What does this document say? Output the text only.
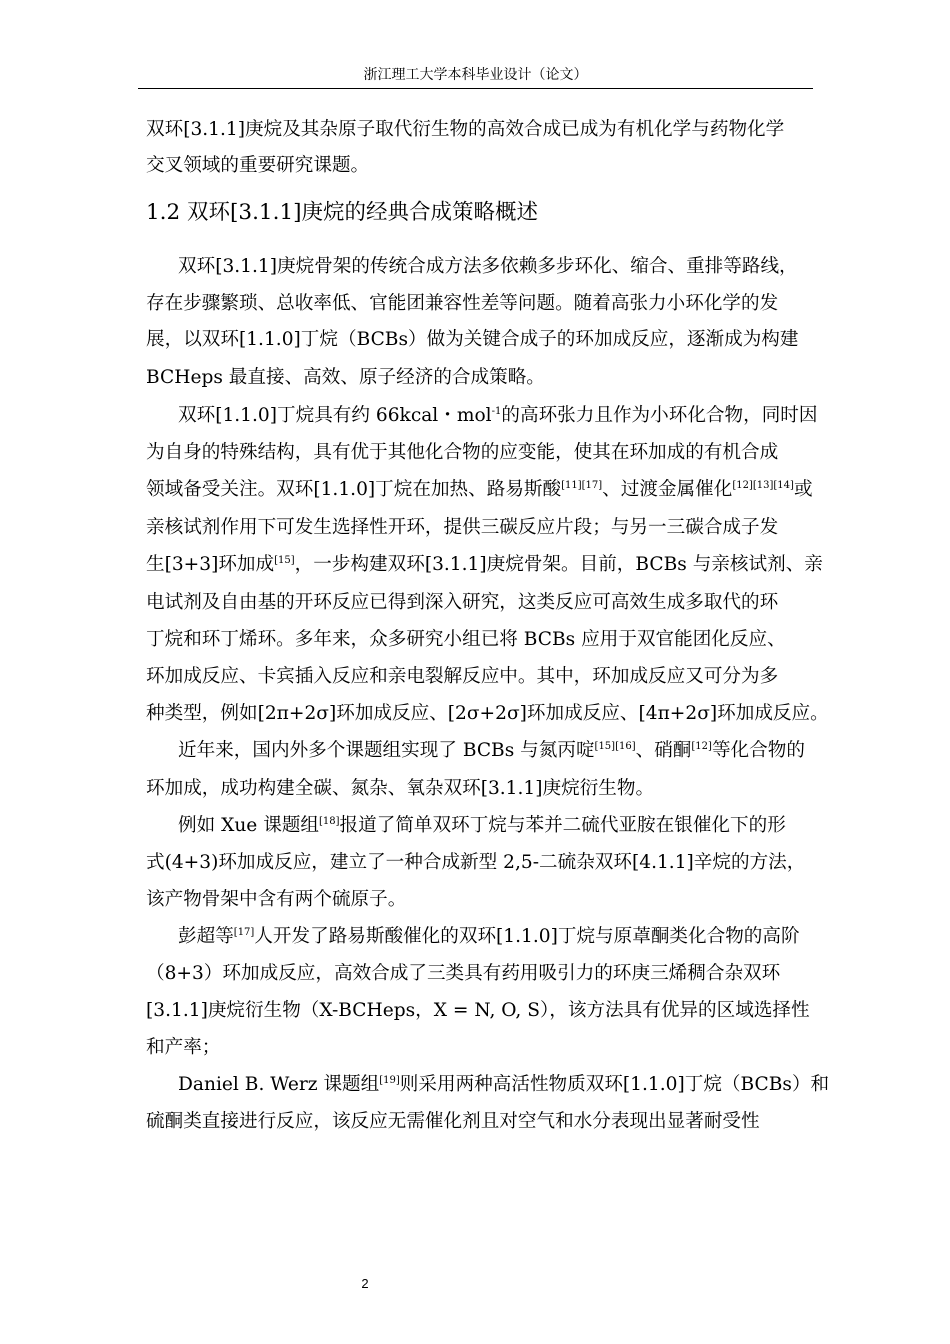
浙江理工大学本科毕业设计（论文）
1.2 双环[3.1.1]庚烷的经典合成策略概述
双环[3.1.1]庚烷及其杂原子取代衍生物的高效合成已成为有机化学与药物化学
交叉领域的重要研究课题。
双环[3.1.1]庚烷骨架的传统合成方法多依赖多步环化、缩合、重排等路线，
存在步骤繁琐、总收率低、官能团兼容性差等问题。随着高张力小环化学的发
展，以双环[1.1.0]丁烷（BCBs）做为关键合成子的环加成反应，逐渐成为构建
BCHeps 最直接、高效、原子经济的合成策略。
双环[1.1.0]丁烷具有约 66kcal・mol$^{-1}$的高环张力且作为小环化合物，同时因
为自身的特殊结构，具有优于其他化合物的应变能，使其在环加成的有机合成
领域备受关注。双环[1.1.0]丁烷在加热、路易斯酸[11][17]、过渡金属催化[12][13][14]或
亲核试剂作用下可发生选择性开环，提供三碳反应片段；与另一三碳合成子发
生[3+3]环加成[15]，一步构建双环[3.1.1]庚烷骨架。目前，BCBs 与亲核试剂、亲
电试剂及自由基的开环反应已得到深入研究，这类反应可高效生成多取代的环
丁烷和环丁烯环。多年来，众多研究小组已将 BCBs 应用于双官能团化反应、
环加成反应、卡宾插入反应和亲电裂解反应中。其中，环加成反应又可分为多
种类型，例如[2π+2σ]环加成反应、[2σ+2σ]环加成反应、[4π+2σ]环加成反应。
近年来，国内外多个课题组实现了 BCBs 与氮丙啶[15][16]、硝酮[12]等化合物的
环加成，成功构建全碳、氮杂、氧杂双环[3.1.1]庚烷衍生物。
例如 Xue 课题组[18]报道了简单双环丁烷与苯并二硫代亚胺在银催化下的形
式(4+3)环加成反应，建立了一种合成新型 2,5-二硫杂双环[4.1.1]辛烷的方法，
该产物骨架中含有两个硫原子。
彭超等[17]人开发了路易斯酸催化的双环[1.1.0]丁烷与原䓬酮类化合物的高阶
（8+3）环加成反应，高效合成了三类具有药用吸引力的环庚三烯稠合杂双环
[3.1.1]庚烷衍生物（X-BCHeps，X = N, O, S），该方法具有优异的区域选择性
和产率；
Daniel B. Werz 课题组[19]则采用两种高活性物质双环[1.1.0]丁烷（BCBs）和
硫酮类直接进行反应，该反应无需催化剂且对空气和水分表现出显著耐受性
2
